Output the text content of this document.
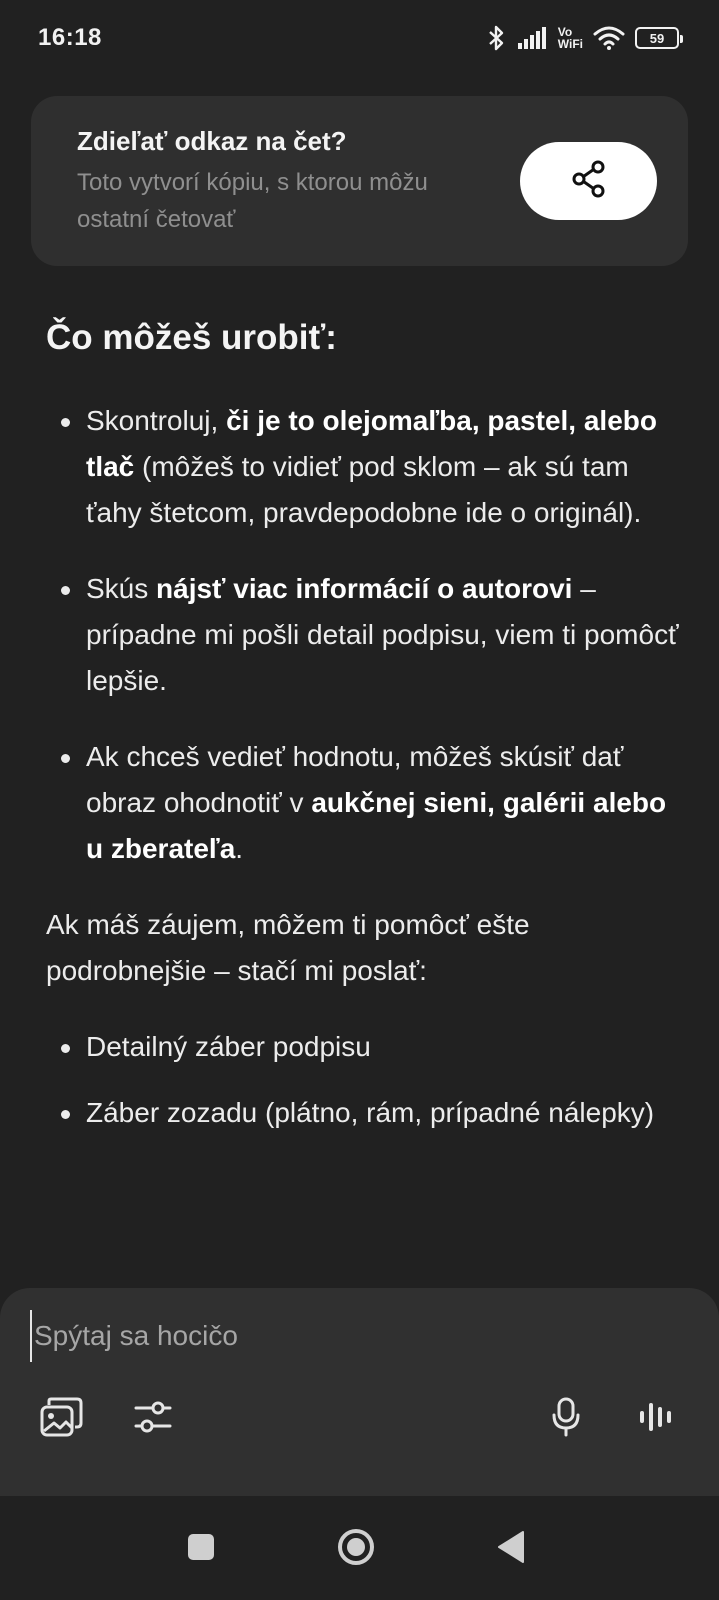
16:18	Vo
WiFi	59
Zdieľať odkaz na čet?
Toto vytvorí kópiu, s ktorou môžu ostatní četovať
Čo môžeš urobiť:
Skontroluj, či je to olejomaľba, pastel, alebo tlač (môžeš to vidieť pod sklom – ak sú tam ťahy štetcom, pravdepodobne ide o originál).
Skús nájsť viac informácií o autorovi – prípadne mi pošli detail podpisu, viem ti pomôcť lepšie.
Ak chceš vedieť hodnotu, môžeš skúsiť dať obraz ohodnotiť v aukčnej sieni, galérii alebo u zberateľa.

Ak máš záujem, môžem ti pomôcť ešte podrobnejšie – stačí mi poslať:

Detailný záber podpisu
Záber zozadu (plátno, rám, prípadné nálepky)
Spýtaj sa hocičo
